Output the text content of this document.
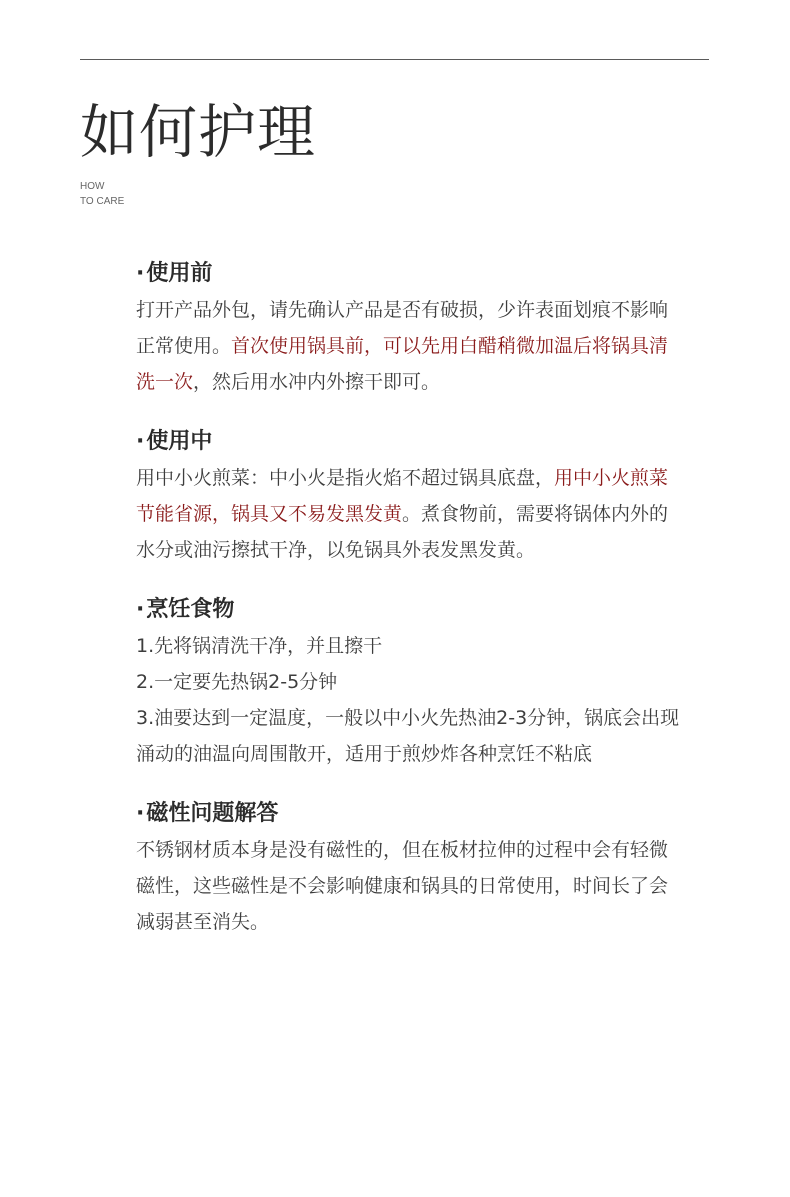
如何护理
HOW
TO CARE

·使用前

打开产品外包，请先确认产品是否有破损，少许表面划痕不影响正常使用。首次使用锅具前，可以先用白醋稍微加温后将锅具清洗一次，然后用水冲内外擦干即可。

·使用中

用中小火煎菜：中小火是指火焰不超过锅具底盘，用中小火煎菜节能省源，锅具又不易发黑发黄。煮食物前，需要将锅体内外的水分或油污擦拭干净，以免锅具外表发黑发黄。

·烹饪食物

1.先将锅清洗干净，并且擦干
2.一定要先热锅2-5分钟
3.油要达到一定温度，一般以中小火先热油2-3分钟，锅底会出现涌动的油温向周围散开，适用于煎炒炸各种烹饪不粘底

·磁性问题解答

不锈钢材质本身是没有磁性的，但在板材拉伸的过程中会有轻微磁性，这些磁性是不会影响健康和锅具的日常使用，时间长了会减弱甚至消失。
